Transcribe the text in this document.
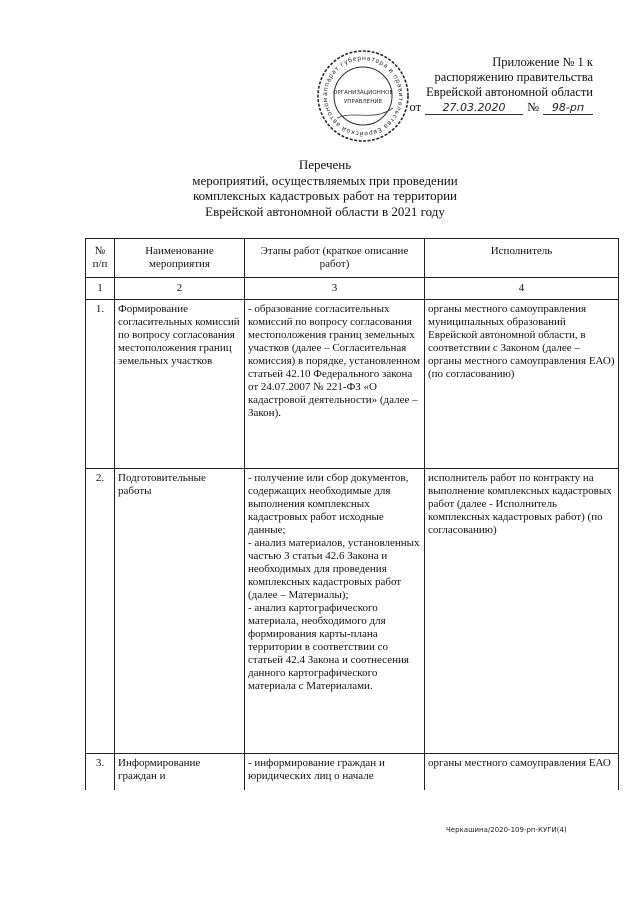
Приложение № 1 к
распоряжению правительства
Еврейской автономной области
от	27.03.2020	№	98-рп
аппарат губернатора и правительства Еврейской автоном
ОРГАНИЗАЦИОННОЕ
УПРАВЛЕНИЕ
Перечень
мероприятий, осуществляемых при проведении
комплексных кадастровых работ на территории
Еврейской автономной области в 2021 году
№ п/п	Наименование мероприятия	Этапы работ (краткое описание работ)	Исполнитель
1	2	3	4
1.	Формирование согласительных комиссий по вопросу согласования местоположения границ земельных участков	- образование согласительных комиссий по вопросу согласования местоположения границ земельных участков (далее – Согласительная комиссия) в порядке, установленном статьей 42.10 Федерального закона от 24.07.2007 № 221-ФЗ «О кадастровой деятельности» (далее – Закон).	органы местного самоуправления муниципальных образований Еврейской автономной области, в соответствии с Законом (далее – органы местного самоуправления ЕАО) (по согласованию)
2.	Подготовительные работы	- получение или сбор документов, содержащих необходимые для выполнения комплексных кадастровых работ исходные данные;
- анализ материалов, установленных частью 3 статьи 42.6 Закона и необходимых для проведения комплексных кадастровых работ (далее – Материалы);
- анализ картографического материала, необходимого для формирования карты-плана территории в соответствии со статьей 42.4 Закона и соотнесения данного картографического материала с Материалами.	исполнитель работ по контракту на выполнение комплексных кадастровых работ (далее - Исполнитель комплексных кадастровых работ) (по согласованию)
3.	Информирование граждан и	- информирование граждан и юридических лиц о начале	органы местного самоуправления ЕАО
Черкашина/2020-109-рп-КУГИ(4)
